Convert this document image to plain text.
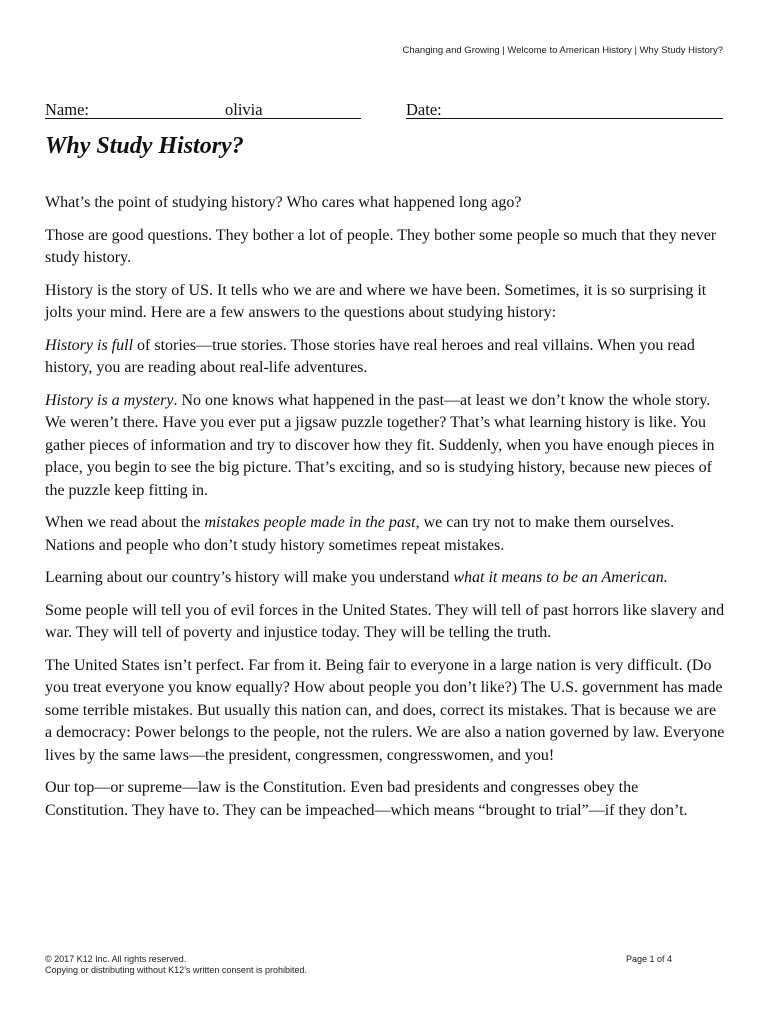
Changing and Growing | Welcome to American History | Why Study History?
Name:	olivia	Date:
Why Study History?

What’s the point of studying history? Who cares what happened long ago?

Those are good questions. They bother a lot of people. They bother some people so much that they never study history.

History is the story of US. It tells who we are and where we have been. Sometimes, it is so surprising it jolts your mind. Here are a few answers to the questions about studying history:

History is full of stories—true stories. Those stories have real heroes and real villains. When you read history, you are reading about real-life adventures.

History is a mystery. No one knows what happened in the past—at least we don’t know the whole story. We weren’t there. Have you ever put a jigsaw puzzle together? That’s what learning history is like. You gather pieces of information and try to discover how they fit. Suddenly, when you have enough pieces in place, you begin to see the big picture. That’s exciting, and so is studying history, because new pieces of the puzzle keep fitting in.

When we read about the mistakes people made in the past, we can try not to make them ourselves. Nations and people who don’t study history sometimes repeat mistakes.

Learning about our country’s history will make you understand what it means to be an American.

Some people will tell you of evil forces in the United States. They will tell of past horrors like slavery and war. They will tell of poverty and injustice today. They will be telling the truth.

The United States isn’t perfect. Far from it. Being fair to everyone in a large nation is very difficult. (Do you treat everyone you know equally? How about people you don’t like?) The U.S. government has made some terrible mistakes. But usually this nation can, and does, correct its mistakes. That is because we are a democracy: Power belongs to the people, not the rulers. We are also a nation governed by law. Everyone lives by the same laws—the president, congressmen, congresswomen, and you!

Our top—or supreme—law is the Constitution. Even bad presidents and congresses obey the Constitution. They have to. They can be impeached—which means “brought to trial”—if they don’t.

© 2017 K12 Inc. All rights reserved.
Copying or distributing without K12’s written consent is prohibited.
Page 1 of 4
